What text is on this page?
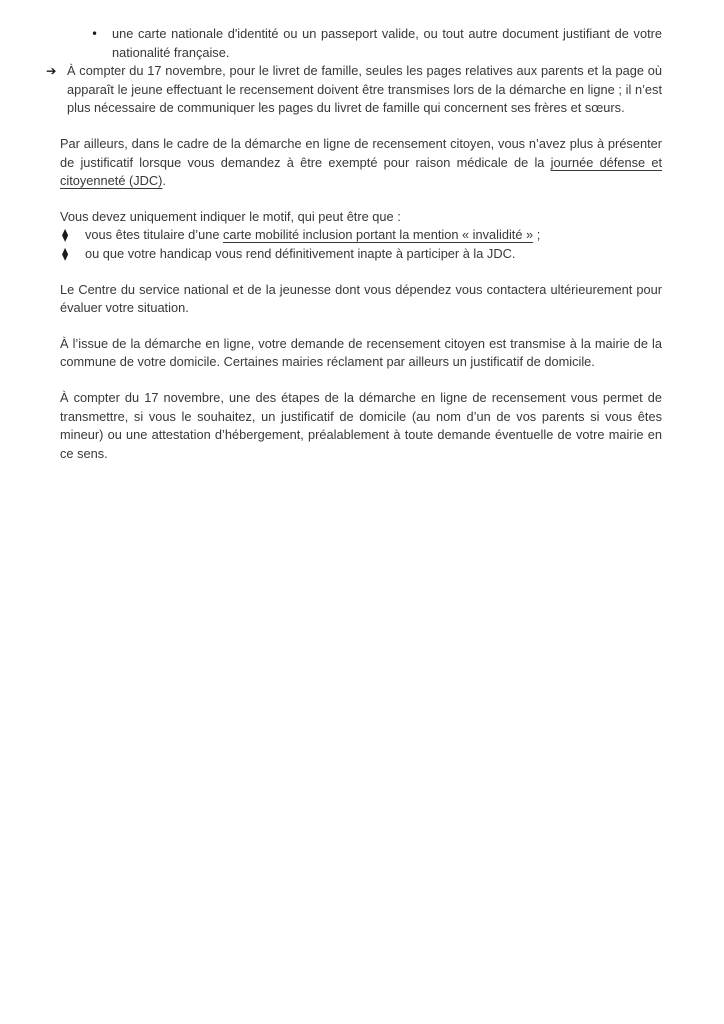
•	une carte nationale d'identité ou un passeport valide, ou tout autre document justifiant de votre nationalité française.
➔ À compter du 17 novembre, pour le livret de famille, seules les pages relatives aux parents et la page où apparaît le jeune effectuant le recensement doivent être transmises lors de la démarche en ligne ; il n’est plus nécessaire de communiquer les pages du livret de famille qui concernent ses frères et sœurs.
Par ailleurs, dans le cadre de la démarche en ligne de recensement citoyen, vous n’avez plus à présenter de justificatif lorsque vous demandez à être exempté pour raison médicale de la journée défense et citoyenneté (JDC).
Vous devez uniquement indiquer le motif, qui peut être que :
⧫	vous êtes titulaire d’une carte mobilité inclusion portant la mention « invalidité » ;
⧫	ou que votre handicap vous rend définitivement inapte à participer à la JDC.
Le Centre du service national et de la jeunesse dont vous dépendez vous contactera ultérieurement pour évaluer votre situation.
À l’issue de la démarche en ligne, votre demande de recensement citoyen est transmise à la mairie de la commune de votre domicile. Certaines mairies réclament par ailleurs un justificatif de domicile.
À compter du 17 novembre, une des étapes de la démarche en ligne de recensement vous permet de transmettre, si vous le souhaitez, un justificatif de domicile (au nom d’un de vos parents si vous êtes mineur) ou une attestation d’hébergement, préalablement à toute demande éventuelle de votre mairie en ce sens.
